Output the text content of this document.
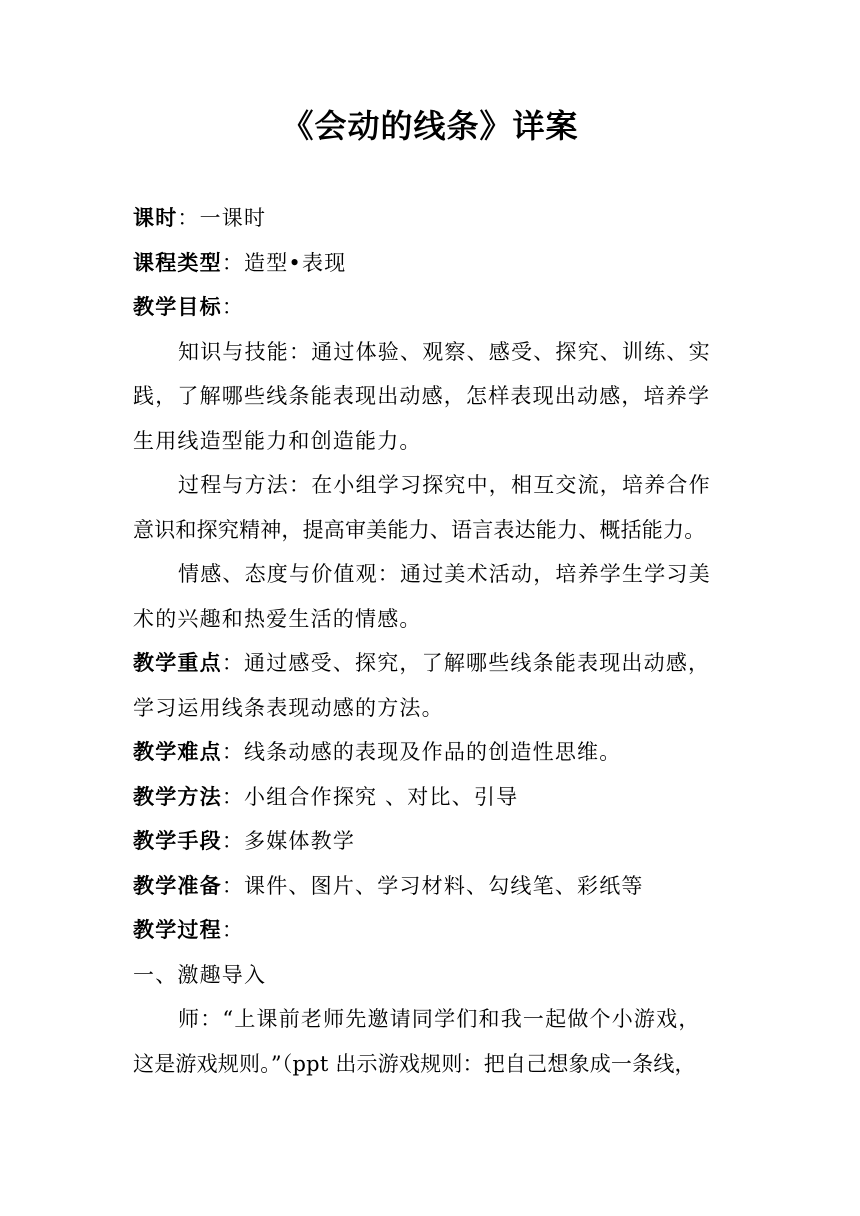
《会动的线条》详案
课时：一课时
课程类型：造型•表现
教学目标：
知识与技能：通过体验、观察、感受、探究、训练、实
践，了解哪些线条能表现出动感，怎样表现出动感，培养学
生用线造型能力和创造能力。
过程与方法：在小组学习探究中，相互交流，培养合作
意识和探究精神，提高审美能力、语言表达能力、概括能力。
情感、态度与价值观：通过美术活动，培养学生学习美
术的兴趣和热爱生活的情感。
教学重点：通过感受、探究，了解哪些线条能表现出动感，
学习运用线条表现动感的方法。
教学难点：线条动感的表现及作品的创造性思维。
教学方法：小组合作探究 、对比、引导
教学手段：多媒体教学
教学准备：课件、图片、学习材料、勾线笔、彩纸等
教学过程：
一、激趣导入
师：“上课前老师先邀请同学们和我一起做个小游戏，
这是游戏规则。”（ppt 出示游戏规则：把自己想象成一条线，
